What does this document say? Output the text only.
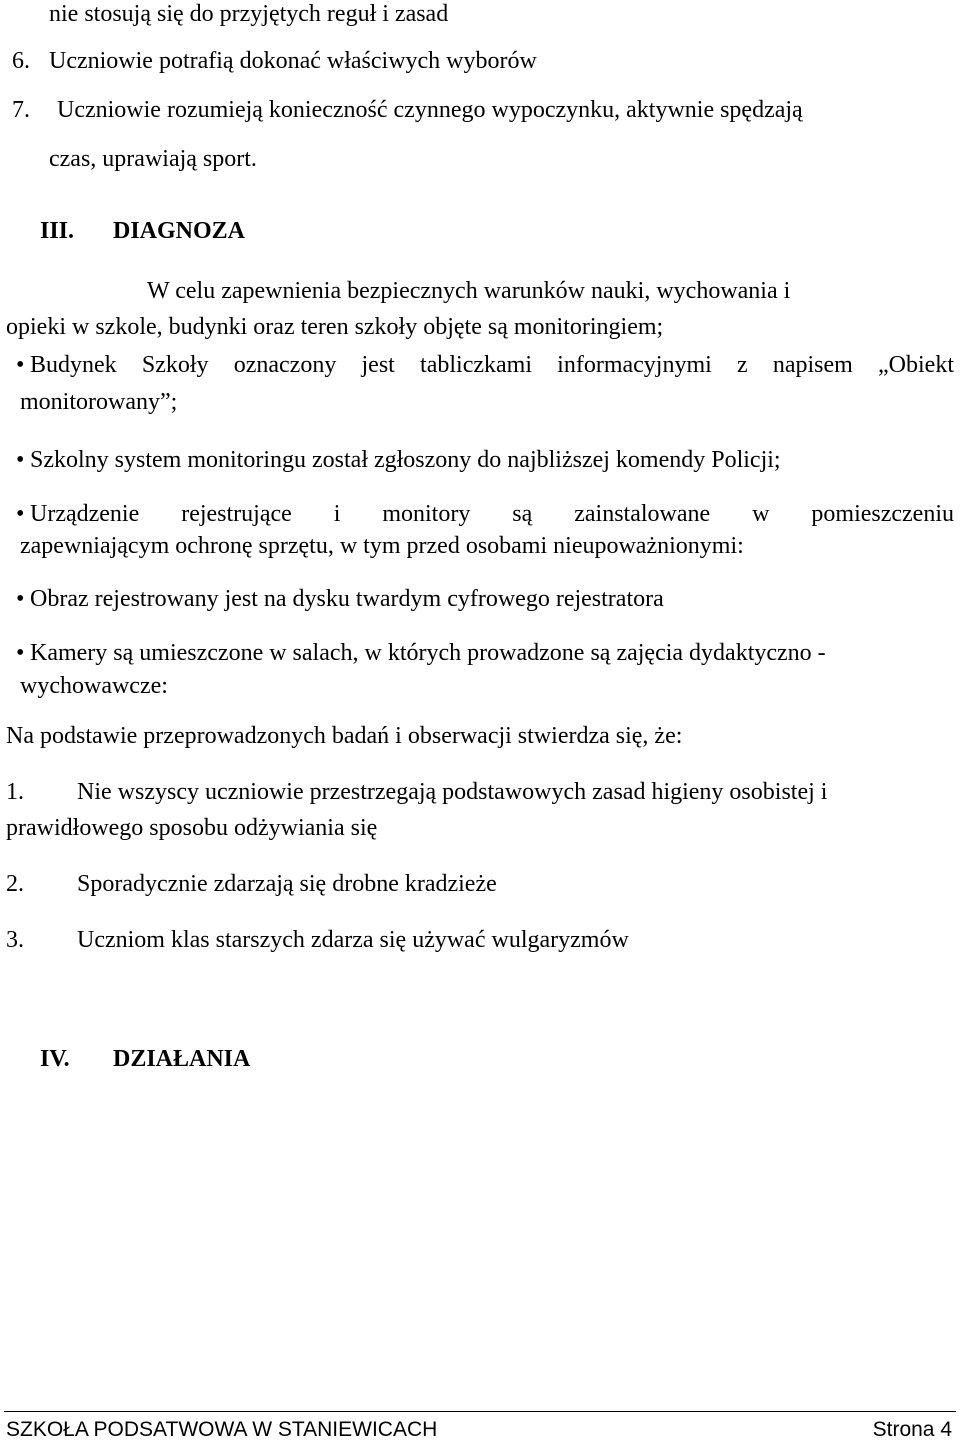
nie stosują się do przyjętych reguł i zasad
6. Uczniowie potrafią dokonać właściwych wyborów
7. Uczniowie rozumieją konieczność czynnego wypoczynku, aktywnie spędzają
czas, uprawiają sport.
III. DIAGNOZA
W celu zapewnienia bezpiecznych warunków nauki, wychowania i
opieki w szkole, budynki oraz teren szkoły objęte są monitoringiem;
• Budynek Szkoły oznaczony jest tabliczkami informacyjnymi z napisem „Obiekt
monitorowany”;
• Szkolny system monitoringu został zgłoszony do najbliższej komendy Policji;
• Urządzenie rejestrujące i monitory są zainstalowane w pomieszczeniu
zapewniającym ochronę sprzętu, w tym przed osobami nieupoważnionymi:
• Obraz rejestrowany jest na dysku twardym cyfrowego rejestratora
• Kamery są umieszczone w salach, w których prowadzone są zajęcia dydaktyczno -
wychowawcze:
Na podstawie przeprowadzonych badań i obserwacji stwierdza się, że:
1. Nie wszyscy uczniowie przestrzegają podstawowych zasad higieny osobistej i
prawidłowego sposobu odżywiania się
2. Sporadycznie zdarzają się drobne kradzieże
3. Uczniom klas starszych zdarza się używać wulgaryzmów
IV. DZIAŁANIA
SZKOŁA PODSATWOWA W STANIEWICACH	Strona 4
